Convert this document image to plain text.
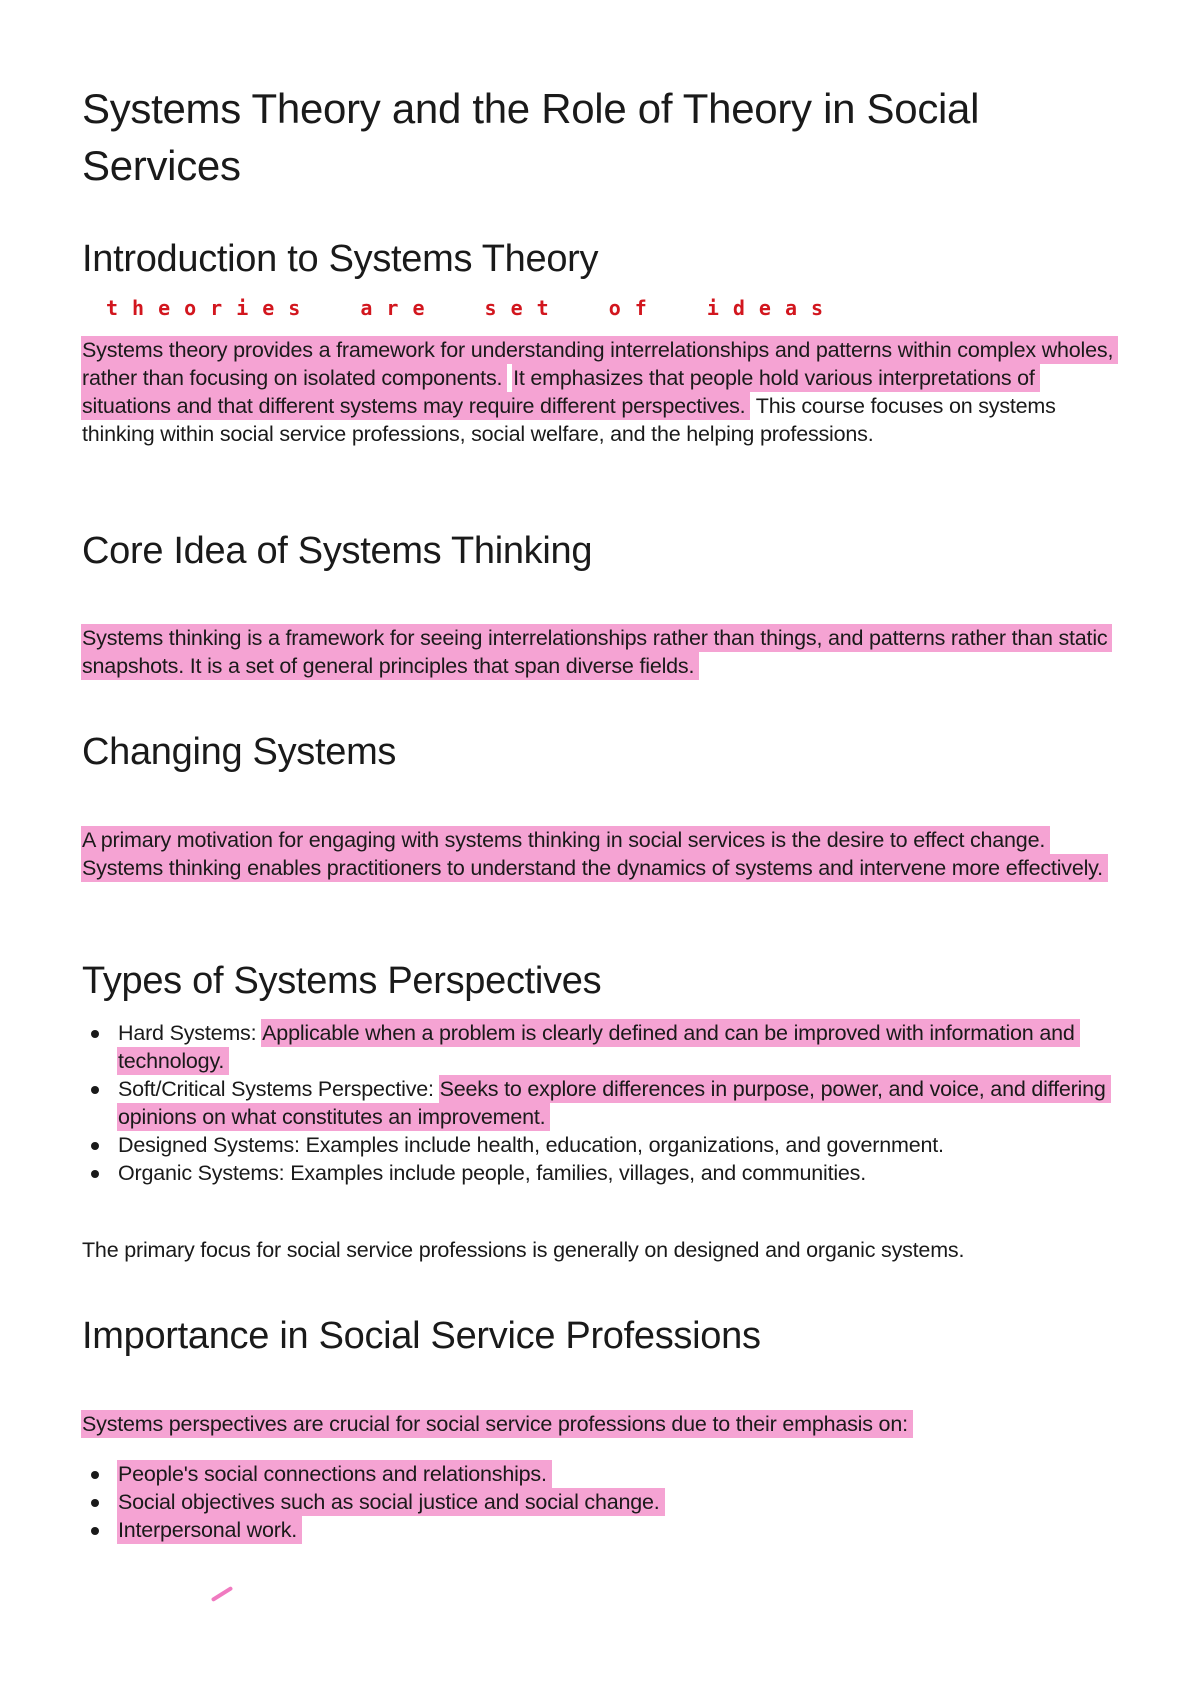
Systems Theory and the Role of Theory in Social Services
Introduction to Systems Theory
theories are set of ideas

Systems theory provides a framework for understanding interrelationships and patterns within complex wholes, rather than focusing on isolated components. It emphasizes that people hold various interpretations of situations and that different systems may require different perspectives. This course focuses on systems thinking within social service professions, social welfare, and the helping professions.

Core Idea of Systems Thinking

Systems thinking is a framework for seeing interrelationships rather than things, and patterns rather than static snapshots. It is a set of general principles that span diverse fields.

Changing Systems

A primary motivation for engaging with systems thinking in social services is the desire to effect change. Systems thinking enables practitioners to understand the dynamics of systems and intervene more effectively.

Types of Systems Perspectives
Hard Systems: Applicable when a problem is clearly defined and can be improved with information and technology.
Soft/Critical Systems Perspective: Seeks to explore differences in purpose, power, and voice, and differing opinions on what constitutes an improvement.
Designed Systems: Examples include health, education, organizations, and government.
Organic Systems: Examples include people, families, villages, and communities.

The primary focus for social service professions is generally on designed and organic systems.

Importance in Social Service Professions

Systems perspectives are crucial for social service professions due to their emphasis on:

People's social connections and relationships.
Social objectives such as social justice and social change.
Interpersonal work.
